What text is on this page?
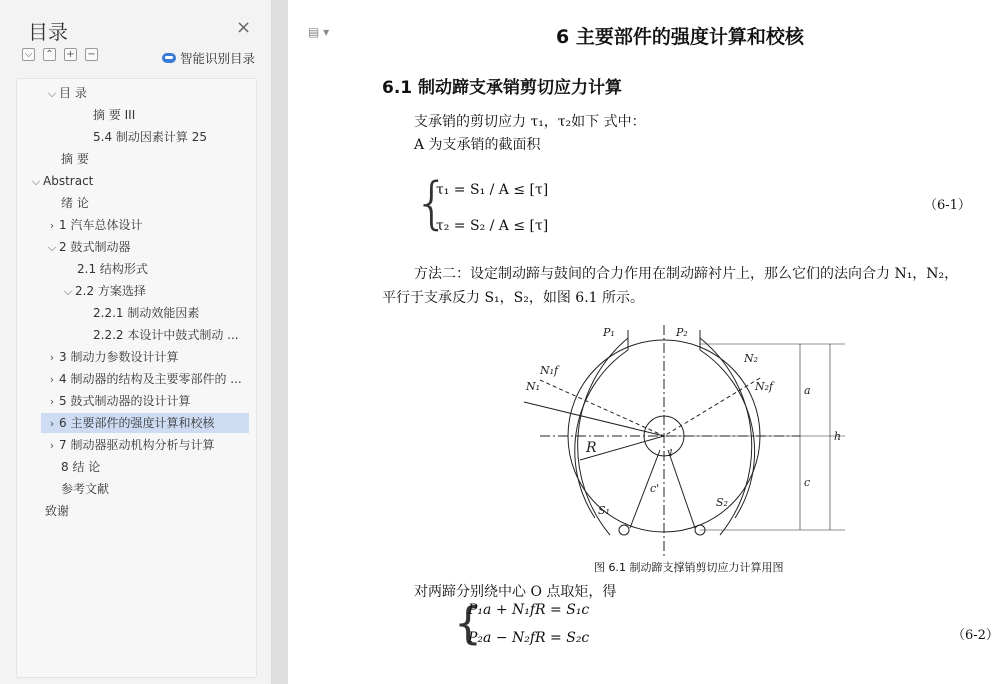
目录	×
⌵ ⌃ + −	智能识别目录
⌵ 目 录
摘 要 III
5.4 制动因素计算 25
摘 要
⌵ Abstract
绪 论
› 1 汽车总体设计
⌵ 2 鼓式制动器
2.1 结构形式
⌵ 2.2 方案选择
2.2.1 制动效能因素
2.2.2 本设计中鼓式制动 ...
› 3 制动力参数设计计算
› 4 制动器的结构及主要零部件的 ...
› 5 鼓式制动器的设计计算
› 6 主要部件的强度计算和校核
› 7 制动器驱动机构分析与计算
8 结 论
参考文献
致谢
▤ ▾	6 主要部件的强度计算和校核
6.1 制动蹄支承销剪切应力计算
支承销的剪切应力 τ₁，τ₂如下 式中：
A 为支承销的截面积
{
τ₁ = S₁ / A ≤ [τ]
τ₂ = S₂ / A ≤ [τ]
（6-1）
方法二：设定制动蹄与鼓间的合力作用在制动蹄衬片上，那么它们的法向合力 N₁，N₂，
平行于支承反力 S₁，S₂，如图 6.1 所示。
P₁	P₂
N₁
N₁f
N₂
N₂f
R
a
h
c
c'
S₁
S₂
1
图 6.1 制动蹄支撑销剪切应力计算用图
对两蹄分别绕中心 O 点取矩，得
{
P₁a + N₁fR = S₁c
P₂a − N₂fR = S₂c	（6-2）
